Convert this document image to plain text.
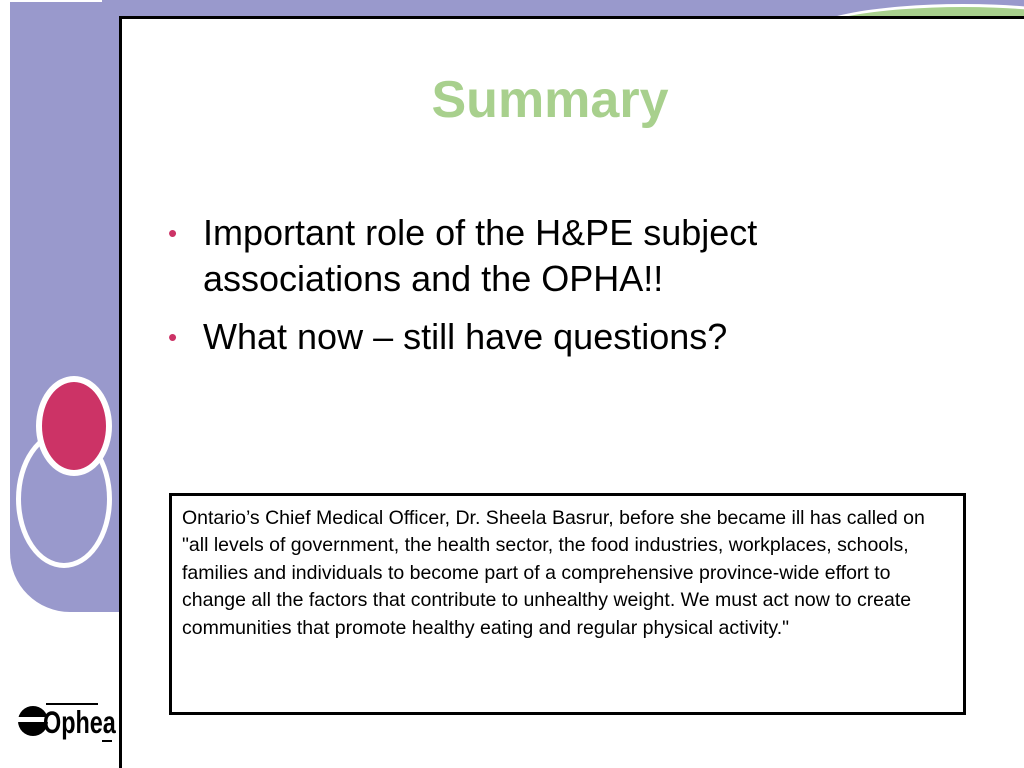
Summary
• Important role of the H&PE subject associations and the OPHA!!
• What now – still have questions?
Ontario’s Chief Medical Officer, Dr. Sheela Basrur, before she became ill has called on "all levels of government, the health sector, the food industries, workplaces, schools, families and individuals to become part of a comprehensive province-wide effort to change all the factors that contribute to unhealthy weight. We must act now to create communities that promote healthy eating and regular physical activity."
Ophea
